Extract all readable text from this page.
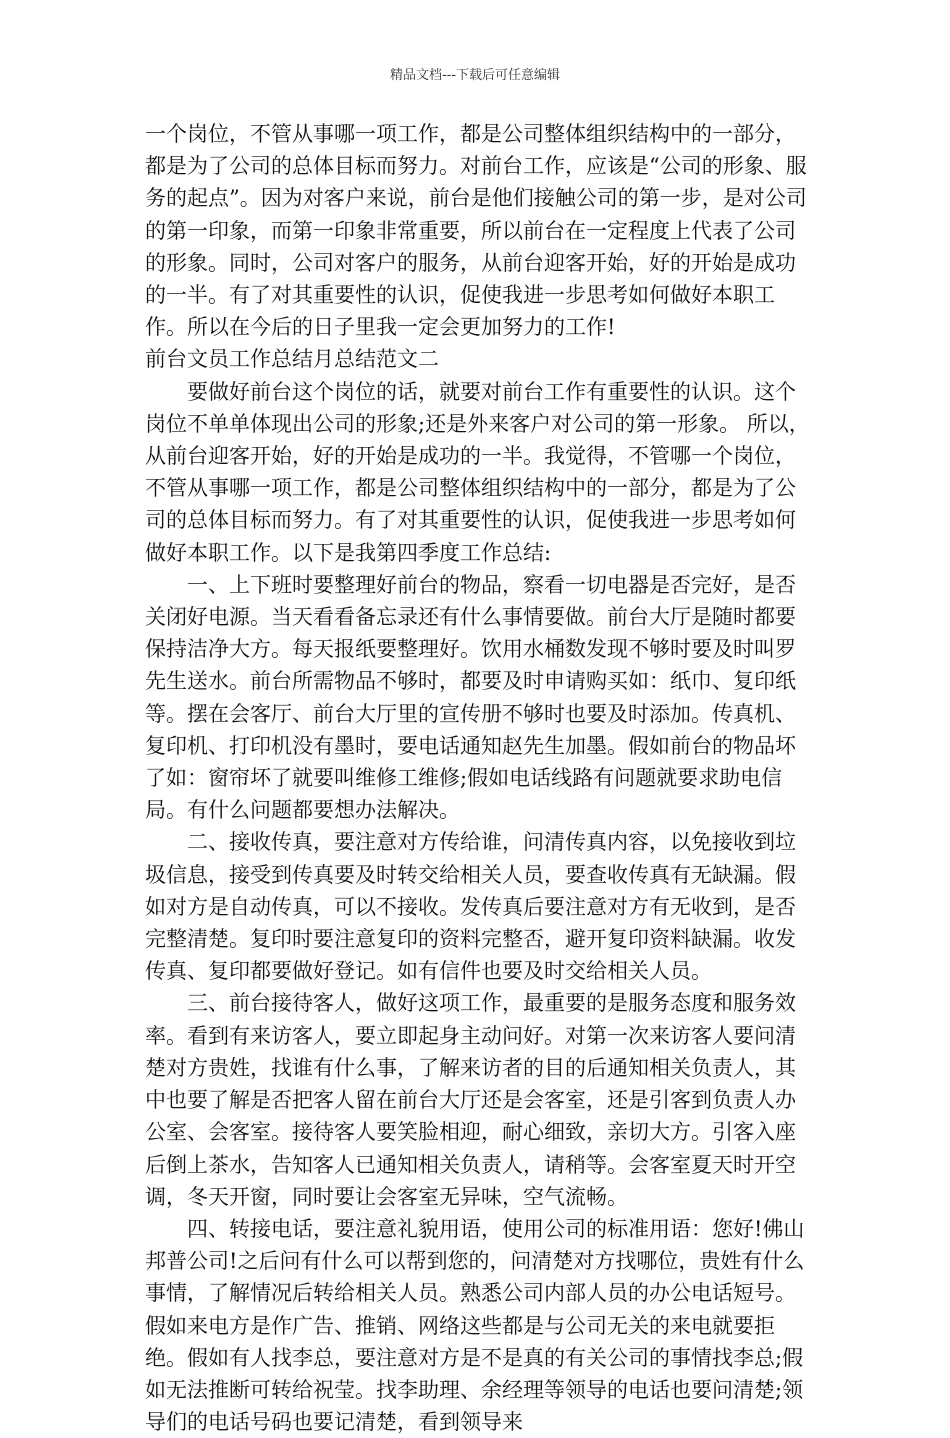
精品文档---下载后可任意编辑

一个岗位，不管从事哪一项工作，都是公司整体组织结构中的一部分，都是为了公司的总体目标而努力。对前台工作，应该是“公司的形象、服务的起点”。因为对客户来说，前台是他们接触公司的第一步，是对公司的第一印象，而第一印象非常重要，所以前台在一定程度上代表了公司的形象。同时，公司对客户的服务，从前台迎客开始，好的开始是成功的一半。有了对其重要性的认识，促使我进一步思考如何做好本职工作。所以在今后的日子里我一定会更加努力的工作!

前台文员工作总结月总结范文二

要做好前台这个岗位的话，就要对前台工作有重要性的认识。这个岗位不单单体现出公司的形象;还是外来客户对公司的第一形象。 所以，从前台迎客开始，好的开始是成功的一半。我觉得，不管哪一个岗位，不管从事哪一项工作，都是公司整体组织结构中的一部分，都是为了公司的总体目标而努力。有了对其重要性的认识，促使我进一步思考如何做好本职工作。以下是我第四季度工作总结:

一、上下班时要整理好前台的物品，察看一切电器是否完好，是否关闭好电源。当天看看备忘录还有什么事情要做。前台大厅是随时都要保持洁净大方。每天报纸要整理好。饮用水桶数发现不够时要及时叫罗先生送水。前台所需物品不够时，都要及时申请购买如：纸巾、复印纸等。摆在会客厅、前台大厅里的宣传册不够时也要及时添加。传真机、复印机、打印机没有墨时，要电话通知赵先生加墨。假如前台的物品坏了如：窗帘坏了就要叫维修工维修;假如电话线路有问题就要求助电信局。有什么问题都要想办法解决。

二、接收传真，要注意对方传给谁，问清传真内容，以免接收到垃圾信息，接受到传真要及时转交给相关人员，要查收传真有无缺漏。假如对方是自动传真，可以不接收。发传真后要注意对方有无收到，是否完整清楚。复印时要注意复印的资料完整否，避开复印资料缺漏。收发传真、复印都要做好登记。如有信件也要及时交给相关人员。

三、前台接待客人，做好这项工作，最重要的是服务态度和服务效率。看到有来访客人，要立即起身主动问好。对第一次来访客人要问清楚对方贵姓，找谁有什么事，了解来访者的目的后通知相关负责人，其中也要了解是否把客人留在前台大厅还是会客室，还是引客到负责人办公室、会客室。接待客人要笑脸相迎，耐心细致，亲切大方。引客入座后倒上茶水，告知客人已通知相关负责人，请稍等。会客室夏天时开空调，冬天开窗，同时要让会客室无异味，空气流畅。

四、转接电话，要注意礼貌用语，使用公司的标准用语：您好!佛山邦普公司!之后问有什么可以帮到您的，问清楚对方找哪位，贵姓有什么事情，了解情况后转给相关人员。熟悉公司内部人员的办公电话短号。假如来电方是作广告、推销、网络这些都是与公司无关的来电就要拒绝。假如有人找李总，要注意对方是不是真的有关公司的事情找李总;假如无法推断可转给祝莹。找李助理、余经理等领导的电话也要问清楚;领导们的电话号码也要记清楚，看到领导来
